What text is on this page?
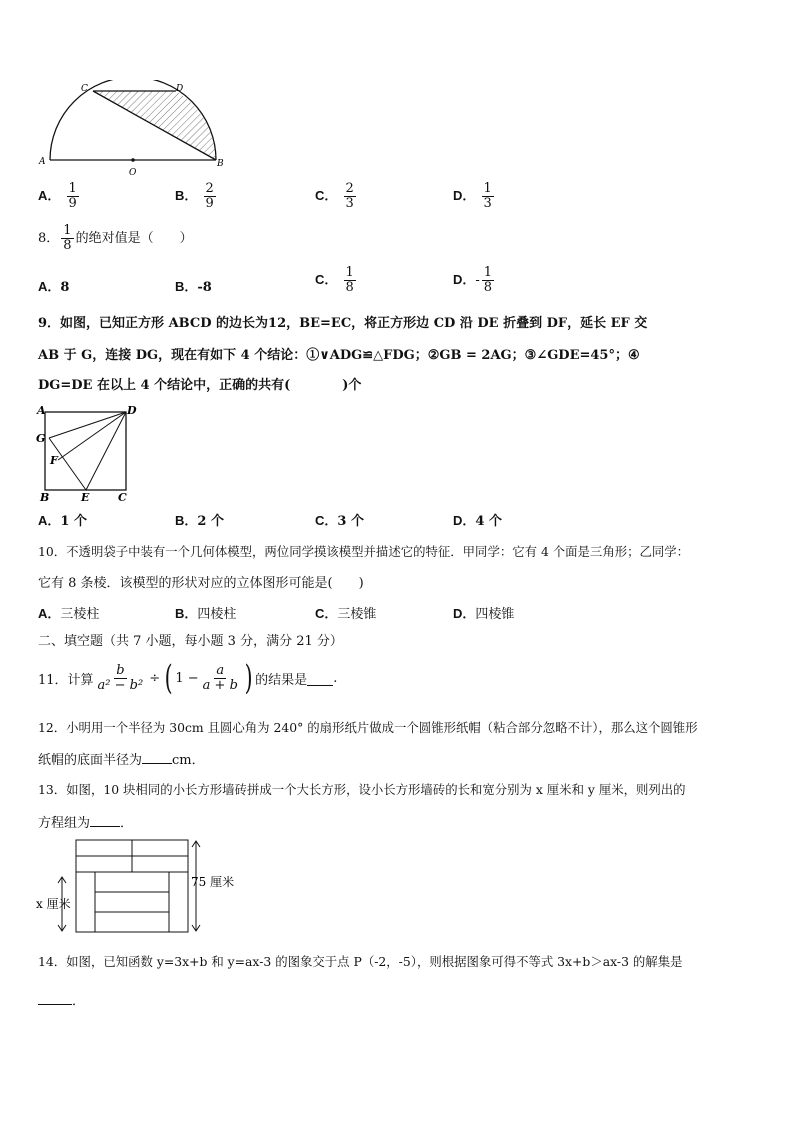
C	D
A
O
B
A． $\frac{1}{9}$	B． $\frac{2}{9}$	C． $\frac{2}{3}$	D． $\frac{1}{3}$
8． $\frac{1}{8}$ 的绝对值是（　　）
A．8	B．-8
C． $\frac{1}{8}$	D．- $\frac{1}{8}$
9．如图，已知正方形 ABCD 的边长为12，BE=EC，将正方形边 CD 沿 DE 折叠到 DF，延长 EF 交
AB 于 G，连接 DG，现在有如下 4 个结论：①∨ADG≌△FDG；②GB = 2AG；③∠GDE=45°；④
DG=DE 在以上 4 个结论中，正确的共有(　　　　)个
A	D
G
F
B	E	C
A．1 个	B．2 个	C．3 个	D．4 个
10．不透明袋子中装有一个几何体模型，两位同学摸该模型并描述它的特征．甲同学：它有 4 个面是三角形；乙同学：
它有 8 条棱．该模型的形状对应的立体图形可能是(　　)
A．三棱柱	B．四棱柱	C．三棱锥	D．四棱锥
二、填空题（共 7 小题，每小题 3 分，满分 21 分）
11．计算 $\frac{b}{\text{a² − b²}}$ ÷ ( $1 - \frac{a}{a + b}$ ) 的结果是 .
12．小明用一个半径为 30cm 且圆心角为 240° 的扇形纸片做成一个圆锥形纸帽（粘合部分忽略不计），那么这个圆锥形
纸帽的底面半径为 cm．
13．如图，10 块相同的小长方形墙砖拼成一个大长方形，设小长方形墙砖的长和宽分别为 x 厘米和 y 厘米，则列出的
方程组为 ．
75 厘米
x 厘米
14．如图，已知函数 y=3x+b 和 y=ax-3 的图象交于点 P（-2，-5），则根据图象可得不等式 3x+b＞ax-3 的解集是
．
